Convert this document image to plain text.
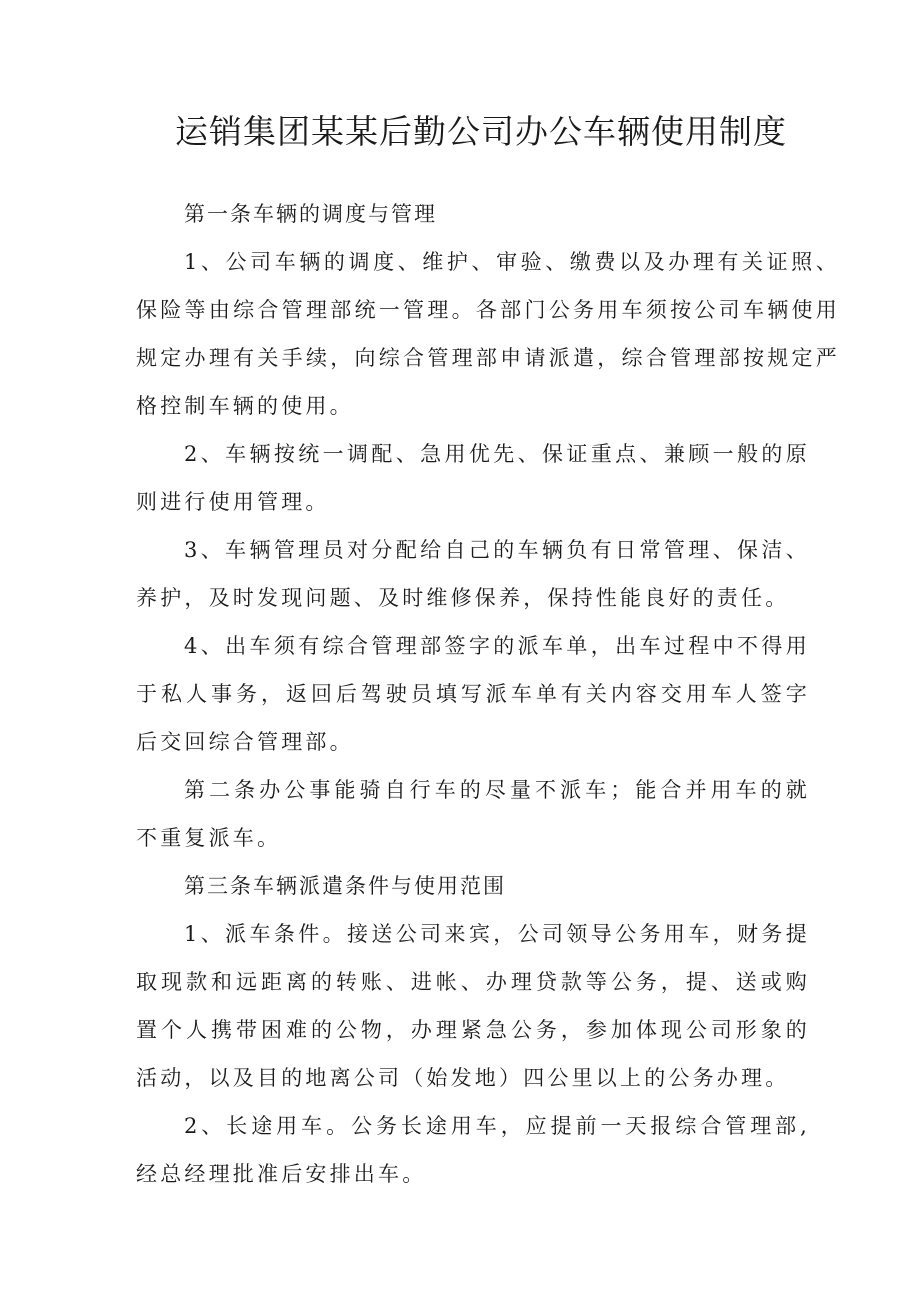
运销集团某某后勤公司办公车辆使用制度

第一条车辆的调度与管理

1、公司车辆的调度、维护、审验、缴费以及办理有关证照、保险等由综合管理部统一管理。各部门公务用车须按公司车辆使用规定办理有关手续，向综合管理部申请派遣，综合管理部按规定严格控制车辆的使用。

2、车辆按统一调配、急用优先、保证重点、兼顾一般的原则进行使用管理。

3、车辆管理员对分配给自己的车辆负有日常管理、保洁、养护，及时发现问题、及时维修保养，保持性能良好的责任。

4、出车须有综合管理部签字的派车单，出车过程中不得用于私人事务，返回后驾驶员填写派车单有关内容交用车人签字后交回综合管理部。

第二条办公事能骑自行车的尽量不派车；能合并用车的就不重复派车。

第三条车辆派遣条件与使用范围

1、派车条件。接送公司来宾，公司领导公务用车，财务提取现款和远距离的转账、进帐、办理贷款等公务，提、送或购置个人携带困难的公物，办理紧急公务，参加体现公司形象的活动，以及目的地离公司（始发地）四公里以上的公务办理。

2、长途用车。公务长途用车，应提前一天报综合管理部,经总经理批准后安排出车。
